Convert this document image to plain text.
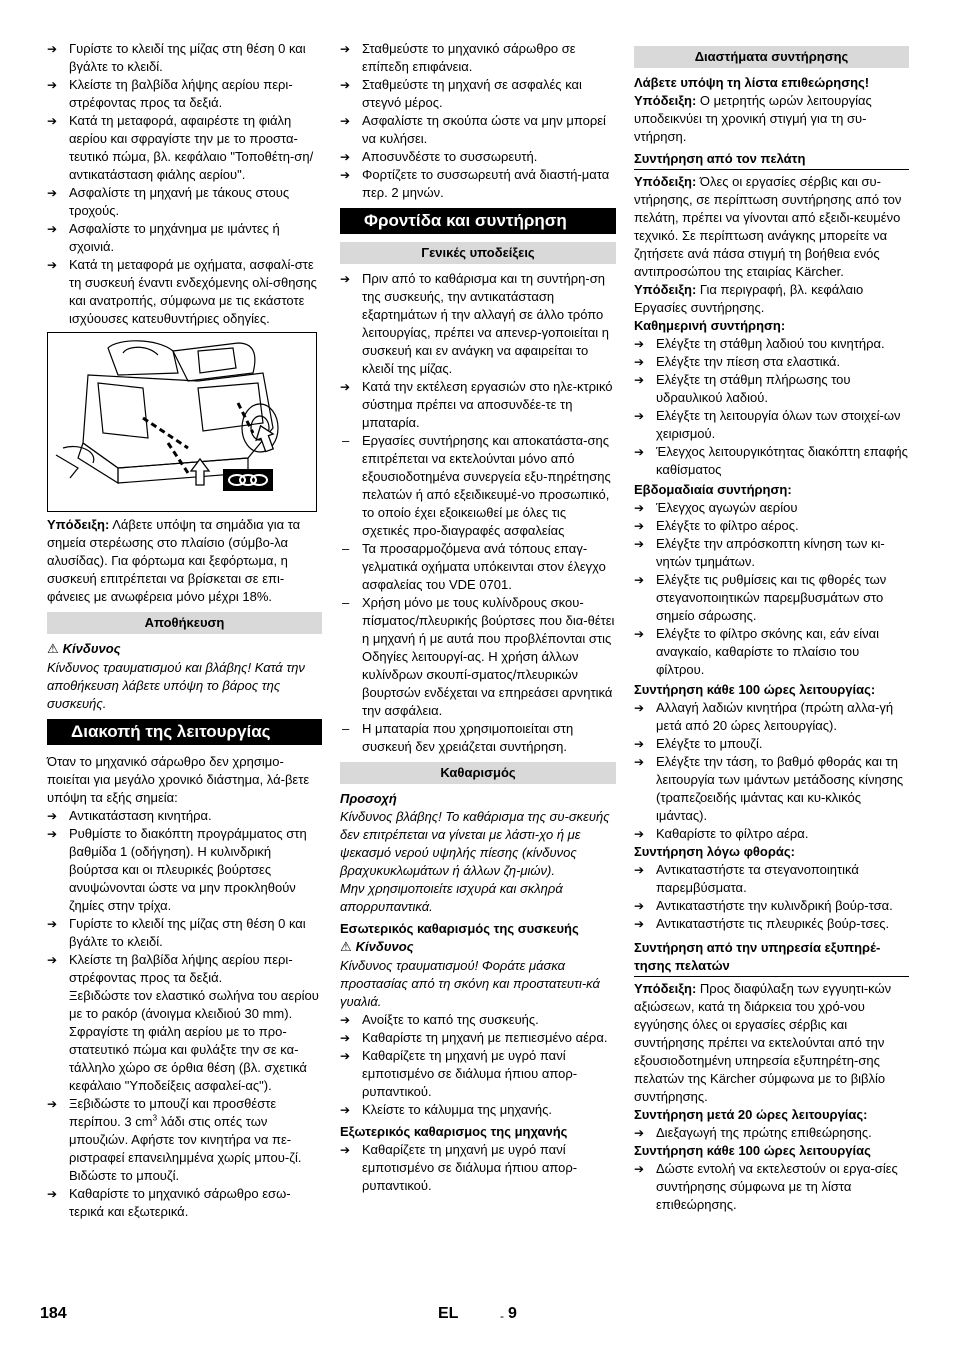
➔ Γυρίστε το κλειδί της μίζας στη θέση 0 και βγάλτε το κλειδί.

➔ Κλείστε τη βαλβίδα λήψης αερίου περι-στρέφοντας προς τα δεξιά.

➔ Κατά τη μεταφορά, αφαιρέστε τη φιάλη αερίου και σφραγίστε την με το προστα-τευτικό πώμα, βλ. κεφάλαιο "Τοποθέτη-ση/αντικατάσταση φιάλης αερίου".

➔ Ασφαλίστε τη μηχανή με τάκους στους τροχούς.

➔ Ασφαλίστε το μηχάνημα με ιμάντες ή σχοινιά.

➔ Κατά τη μεταφορά με οχήματα, ασφαλί-στε τη συσκευή έναντι ενδεχόμενης ολί-σθησης και ανατροπής, σύμφωνα με τις εκάστοτε ισχύουσες κατευθυντήριες οδηγίες.

Υπόδειξη: Λάβετε υπόψη τα σημάδια για τα σημεία στερέωσης στο πλαίσιο (σύμβο-λα αλυσίδας). Για φόρτωμα και ξεφόρτωμα, η συσκευή επιτρέπεται να βρίσκεται σε επι-φάνειες με ανωφέρεια μόνο μέχρι 18%.

Αποθήκευση

⚠ Κίνδυνος

Κίνδυνος τραυματισμού και βλάβης! Κατά την αποθήκευση λάβετε υπόψη το βάρος της συσκευής.

Διακοπή της λειτουργίας

Όταν το μηχανικό σάρωθρο δεν χρησιμο-ποιείται για μεγάλο χρονικό διάστημα, λά-βετε υπόψη τα εξής σημεία:

➔ Αντικατάσταση κινητήρα.

➔ Ρυθμίστε το διακόπτη προγράμματος στη βαθμίδα 1 (οδήγηση). Η κυλινδρική βούρτσα και οι πλευρικές βούρτσες ανυψώνονται ώστε να μην προκληθούν ζημίες στην τρίχα.

➔ Γυρίστε το κλειδί της μίζας στη θέση 0 και βγάλτε το κλειδί.

➔ Κλείστε τη βαλβίδα λήψης αερίου περι-στρέφοντας προς τα δεξιά.

Ξεβιδώστε τον ελαστικό σωλήνα του αερίου με το ρακόρ (άνοιγμα κλειδιού 30 mm).

Σφραγίστε τη φιάλη αερίου με το προ-στατευτικό πώμα και φυλάξτε την σε κα-τάλληλο χώρο σε όρθια θέση (βλ. σχετικά κεφάλαιο "Υποδείξεις ασφαλεί-ας").

➔ Ξεβιδώστε το μπουζί και προσθέστε περίπου. 3 $cm^3$ λάδι στις οπές των μπουζιών. Αφήστε τον κινητήρα να πε-ριστραφεί επανειλημμένα χωρίς μπου-ζί. Βιδώστε το μπουζί.

➔ Καθαρίστε το μηχανικό σάρωθρο εσω-τερικά και εξωτερικά.

➔ Σταθμεύστε το μηχανικό σάρωθρο σε επίπεδη επιφάνεια.

➔ Σταθμεύστε τη μηχανή σε ασφαλές και στεγνό μέρος.

➔ Ασφαλίστε τη σκούπα ώστε να μην μπορεί να κυλήσει.

➔ Αποσυνδέστε το συσσωρευτή.

➔ Φορτίζετε το συσσωρευτή ανά διαστή-ματα περ. 2 μηνών.

Φροντίδα και συντήρηση
Γενικές υποδείξεις

➔ Πριν από το καθάρισμα και τη συντήρη-ση της συσκευής, την αντικατάσταση εξαρτημάτων ή την αλλαγή σε άλλο τρόπο λειτουργίας, πρέπει να απενερ-γοποιείται η συσκευή και εν ανάγκη να αφαιρείται το κλειδί της μίζας.

➔ Κατά την εκτέλεση εργασιών στο ηλε-κτρικό σύστημα πρέπει να αποσυνδέε-τε τη μπαταρία.

– Εργασίες συντήρησης και αποκατάστα-σης επιτρέπεται να εκτελούνται μόνο από εξουσιοδοτημένα συνεργεία εξυ-πηρέτησης πελατών ή από εξειδικευμέ-νο προσωπικό, το οποίο έχει εξοικειωθεί με όλες τις σχετικές προ-διαγραφές ασφαλείας

– Τα προσαρμοζόμενα ανά τόπους επαγ-γελματικά οχήματα υπόκεινται στον έλεγχο ασφαλείας του VDE 0701.

– Χρήση μόνο με τους κυλίνδρους σκου-πίσματος/πλευρικής βούρτσες που δια-θέτει η μηχανή ή με αυτά που προβλέπονται στις Οδηγίες λειτουργί-ας. Η χρήση άλλων κυλίνδρων σκουπί-σματος/πλευρικών βουρτσών ενδέχεται να επηρεάσει αρνητικά την ασφάλεια.

– Η μπαταρία που χρησιμοποιείται στη συσκευή δεν χρειάζεται συντήρηση.

Καθαρισμός

Προσοχή

Κίνδυνος βλάβης! Το καθάρισμα της συ-σκευής δεν επιτρέπεται να γίνεται με λάστι-χο ή με ψεκασμό νερού υψηλής πίεσης (κίνδυνος βραχυκυκλωμάτων ή άλλων ζη-μιών).

Μην χρησιμοποιείτε ισχυρά και σκληρά απορρυπαντικά.

Εσωτερικός καθαρισμός της συσκευής

⚠ Κίνδυνος

Κίνδυνος τραυματισμού! Φοράτε μάσκα προστασίας από τη σκόνη και προστατευτι-κά γυαλιά.

➔ Ανοίξτε το καπό της συσκευής.

➔ Καθαρίστε τη μηχανή με πεπιεσμένο αέρα.

➔ Καθαρίζετε τη μηχανή με υγρό πανί εμποτισμένο σε διάλυμα ήπιου απορ-ρυπαντικού.

➔ Κλείστε το κάλυμμα της μηχανής.

Εξωτερικός καθαρισμος της μηχανής

➔ Καθαρίζετε τη μηχανή με υγρό πανί εμποτισμένο σε διάλυμα ήπιου απορ-ρυπαντικού.

Διαστήματα συντήρησης

Λάβετε υπόψη τη λίστα επιθεώρησης!

Υπόδειξη: Ο μετρητής ωρών λειτουργίας υποδεικνύει τη χρονική στιγμή για τη συ-ντήρηση.

Συντήρηση από τον πελάτη

Υπόδειξη: Όλες οι εργασίες σέρβις και συ-ντήρησης, σε περίπτωση συντήρησης από τον πελάτη, πρέπει να γίνονται από εξειδι-κευμένο τεχνικό. Σε περίπτωση ανάγκης μπορείτε να ζητήσετε ανά πάσα στιγμή τη βοήθεια ενός αντιπροσώπου της εταιρίας Kärcher.

Υπόδειξη: Για περιγραφή, βλ. κεφάλαιο Εργασίες συντήρησης.

Καθημερινή συντήρηση:

➔ Ελέγξτε τη στάθμη λαδιού του κινητήρα.

➔ Ελέγξτε την πίεση στα ελαστικά.

➔ Ελέγξτε τη στάθμη πλήρωσης του υδραυλικού λαδιού.

➔ Ελέγξτε τη λειτουργία όλων των στοιχεί-ων χειρισμού.

➔ Έλεγχος λειτουργικότητας διακόπτη επαφής καθίσματος

Εβδομαδιαία συντήρηση:

➔ Έλεγχος αγωγών αερίου

➔ Ελέγξτε το φίλτρο αέρος.

➔ Ελέγξτε την απρόσκοπτη κίνηση των κι-νητών τμημάτων.

➔ Ελέγξτε τις ρυθμίσεις και τις φθορές των στεγανοποιητικών παρεμβυσμάτων στο σημείο σάρωσης.

➔ Ελέγξτε το φίλτρο σκόνης και, εάν είναι αναγκαίο, καθαρίστε το πλαίσιο του φίλτρου.

Συντήρηση κάθε 100 ώρες λειτουργίας:

➔ Αλλαγή λαδιών κινητήρα (πρώτη αλλα-γή μετά από 20 ώρες λειτουργίας).

➔ Ελέγξτε το μπουζί.

➔ Ελέγξτε την τάση, το βαθμό φθοράς και τη λειτουργία των ιμάντων μετάδοσης κίνησης (τραπεζοειδής ιμάντας και κυ-κλικός ιμάντας).

➔ Καθαρίστε το φίλτρο αέρα.

Συντήρηση λόγω φθοράς:

➔ Αντικαταστήστε τα στεγανοποιητικά παρεμβύσματα.

➔ Αντικαταστήστε την κυλινδρική βούρ-τσα.

➔ Αντικαταστήστε τις πλευρικές βούρ-τσες.

Συντήρηση από την υπηρεσία εξυπηρέ-τησης πελατών

Υπόδειξη: Προς διαφύλαξη των εγγυητι-κών αξιώσεων, κατά τη διάρκεια του χρό-νου εγγύησης όλες οι εργασίες σέρβις και συντήρησης πρέπει να εκτελούνται από την εξουσιοδοτημένη υπηρεσία εξυπηρέτη-σης πελατών της Kärcher σύμφωνα με το βιβλίο συντήρησης.

Συντήρηση μετά 20 ώρες λειτουργίας:

➔ Διεξαγωγή της πρώτης επιθεώρησης.

Συντήρηση κάθε 100 ώρες λειτουργίας

➔ Δώστε εντολή να εκτελεστούν οι εργα-σίες συντήρησης σύμφωνα με τη λίστα επιθεώρησης.

184	EL	- 9
